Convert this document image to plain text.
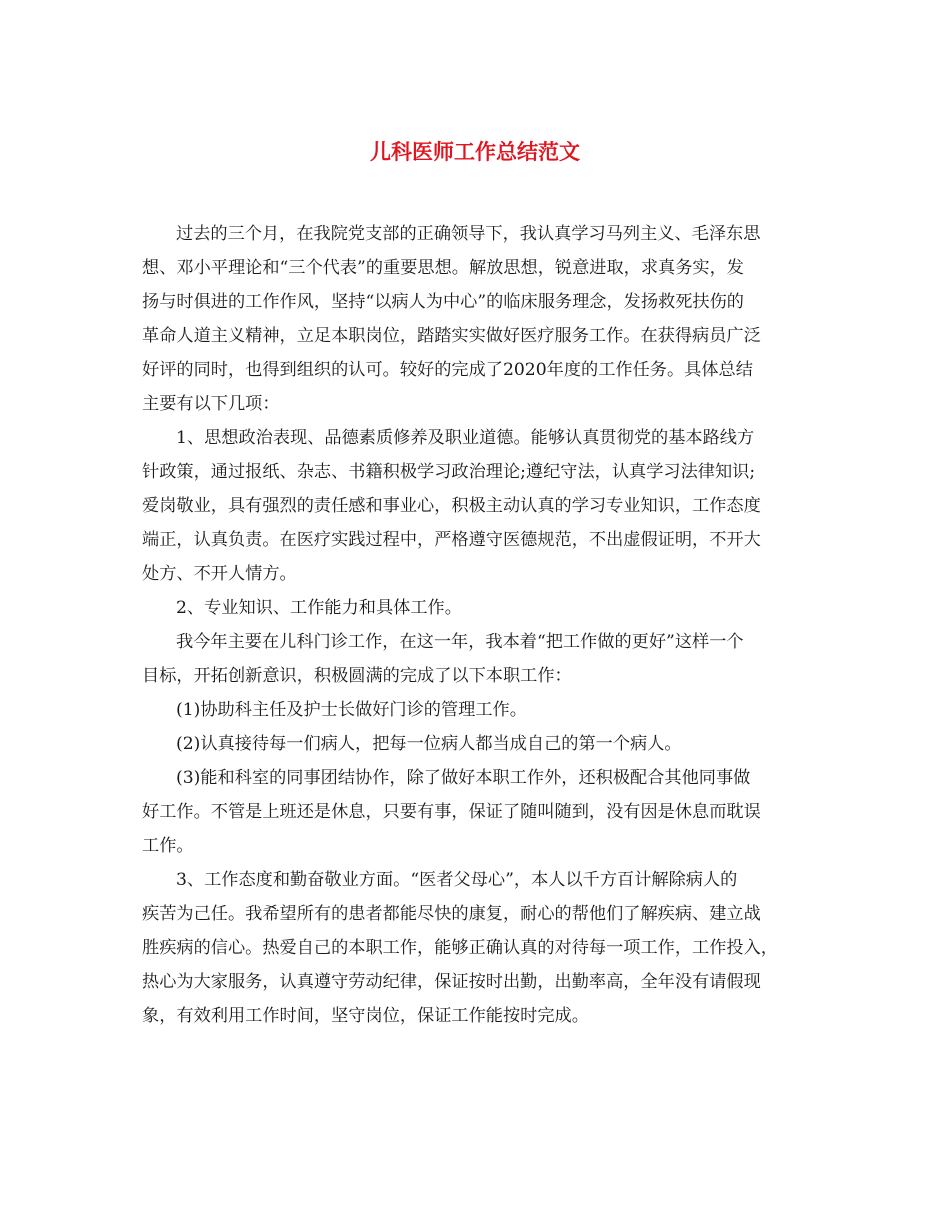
儿科医师工作总结范文

过去的三个月，在我院党支部的正确领导下，我认真学习马列主义、毛泽东思

想、邓小平理论和“三个代表”的重要思想。解放思想，锐意进取，求真务实，发

扬与时俱进的工作作风，坚持“以病人为中心”的临床服务理念，发扬救死扶伤的

革命人道主义精神，立足本职岗位，踏踏实实做好医疗服务工作。在获得病员广泛

好评的同时，也得到组织的认可。较好的完成了2020年度的工作任务。具体总结

主要有以下几项：

1、思想政治表现、品德素质修养及职业道德。能够认真贯彻党的基本路线方

针政策，通过报纸、杂志、书籍积极学习政治理论;遵纪守法，认真学习法律知识;

爱岗敬业，具有强烈的责任感和事业心，积极主动认真的学习专业知识，工作态度

端正，认真负责。在医疗实践过程中，严格遵守医德规范，不出虚假证明，不开大

处方、不开人情方。

2、专业知识、工作能力和具体工作。

我今年主要在儿科门诊工作，在这一年，我本着“把工作做的更好”这样一个

目标，开拓创新意识，积极圆满的完成了以下本职工作：

(1)协助科主任及护士长做好门诊的管理工作。

(2)认真接待每一们病人，把每一位病人都当成自己的第一个病人。

(3)能和科室的同事团结协作，除了做好本职工作外，还积极配合其他同事做

好工作。不管是上班还是休息，只要有事，保证了随叫随到，没有因是休息而耽误

工作。

3、工作态度和勤奋敬业方面。“医者父母心”，本人以千方百计解除病人的

疾苦为己任。我希望所有的患者都能尽快的康复，耐心的帮他们了解疾病、建立战

胜疾病的信心。热爱自己的本职工作，能够正确认真的对待每一项工作，工作投入，

热心为大家服务，认真遵守劳动纪律，保证按时出勤，出勤率高，全年没有请假现

象，有效利用工作时间，坚守岗位，保证工作能按时完成。
